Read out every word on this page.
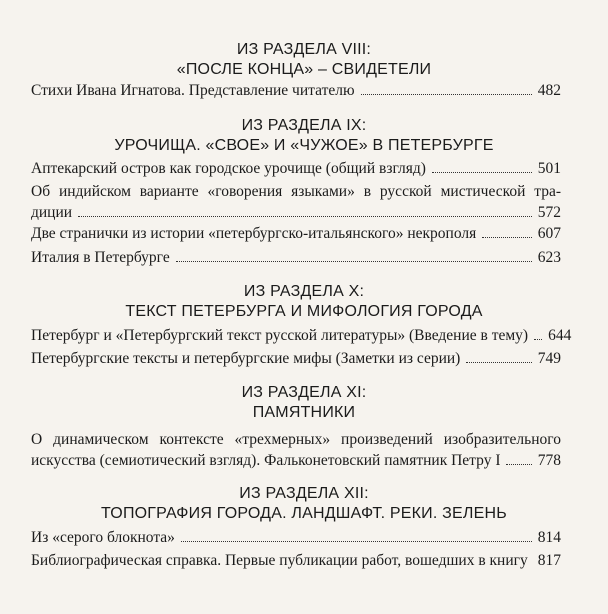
ИЗ РАЗДЕЛА VIII:
«ПОСЛЕ КОНЦА» – СВИДЕТЕЛИ
Стихи Ивана Игнатова. Представление читателю	482
ИЗ РАЗДЕЛА IX:
УРОЧИЩА. «СВОЕ» И «ЧУЖОЕ» В ПЕТЕРБУРГЕ
Аптекарский остров как городское урочище (общий взгляд)	501
Об индийском варианте «говорения языками» в русской мистической тра-
диции	572
Две странички из истории «петербургско-итальянского» некрополя	607
Италия в Петербурге	623
ИЗ РАЗДЕЛА X:
ТЕКСТ ПЕТЕРБУРГА И МИФОЛОГИЯ ГОРОДА
Петербург и «Петербургский текст русской литературы» (Введение в тему) 644
Петербургские тексты и петербургские мифы (Заметки из серии)	749
ИЗ РАЗДЕЛА XI:
ПАМЯТНИКИ
О динамическом контексте «трехмерных» произведений изобразительного
искусства (семиотический взгляд). Фальконетовский памятник Петру I 778
ИЗ РАЗДЕЛА XII:
ТОПОГРАФИЯ ГОРОДА. ЛАНДШАФТ. РЕКИ. ЗЕЛЕНЬ
Из «серого блокнота»	814
Библиографическая справка. Первые публикации работ, вошедших в книгу 817
